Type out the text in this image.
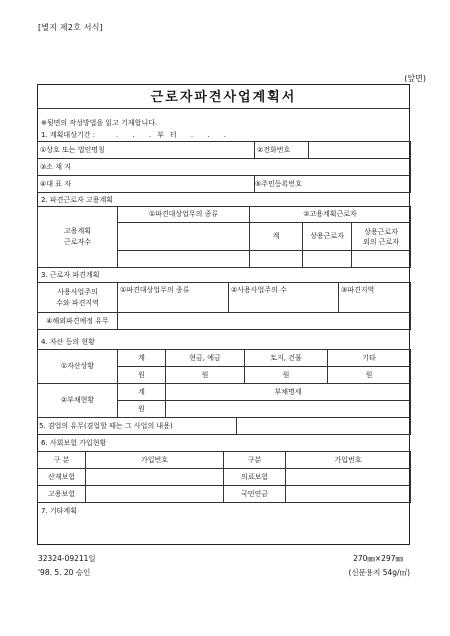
[별지 제2호 서식]
(앞면)
근로자파견사업계획서
※뒷면의 작성방법을 읽고 기재합니다.
1. 계획대상기간 :	. . .부터 . . .
①상호 또는 법인명칭	②전화번호	
③소 재 지		
④대 표 자	⑤주민등록번호	
2. 파견근로자 고용계획
고용계획
근로자수	①파견대상업무의 종류	②고용계획근로자		
		계	상용근로자	상용근로자
외의 근로자

3. 근로자 파견계획
사용사업주의
수와 파견지역	①파견대상업무의 종류	②사용사업주의 수	③파견지역
④해외파견예정 유무			
4. 자산 등의 현황
①자산상황	계	현금, 예금	토지, 건물	기타
	원	원	원	원
②부채현황	계	부채명세		
	원			
5. 겸업의 유무(겸업할 때는 그 사업의 내용)	
6. 사회보험 가입현황
구 분	가입번호	구분	가입번호
산재보험		의료보험	
고용보험		국민연금	
7. 기타계획
32324-09211일
'98. 5. 20 승인
270㎜×297㎜
(신문용지 54g/㎡)
